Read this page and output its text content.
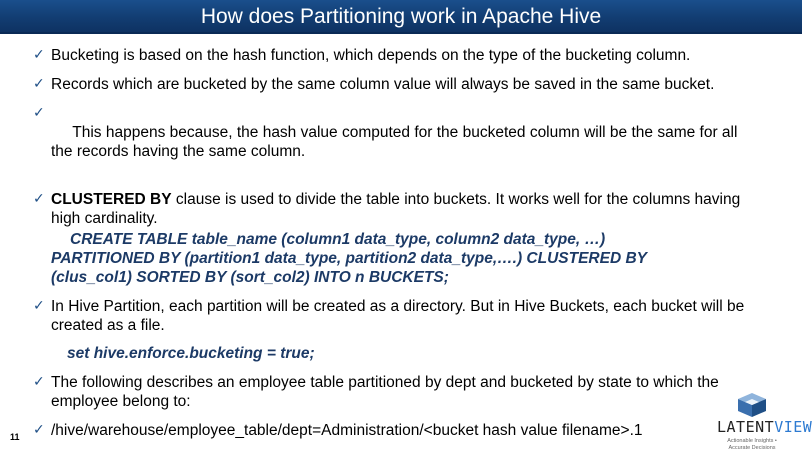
How does Partitioning work in Apache Hive
✓ Bucketing is based on the hash function, which depends on the type of the bucketing column.
✓ Records which are bucketed by the same column value will always be saved in the same bucket.

✓
This happens because, the hash value computed for the bucketed column will be the same for all the records having the same column.

✓ CLUSTERED BY clause is used to divide the table into buckets. It works well for the columns having high cardinality.
CREATE TABLE table_name (column1 data_type, column2 data_type, …)
PARTITIONED BY (partition1 data_type, partition2 data_type,….) CLUSTERED BY
(clus_col1) SORTED BY (sort_col2) INTO n BUCKETS;
✓ In Hive Partition, each partition will be created as a directory. But in Hive Buckets, each bucket will be created as a file.
set hive.enforce.bucketing = true;
✓ The following describes an employee table partitioned by dept and bucketed by state to which the employee belong to:
✓ /hive/warehouse/employee_table/dept=Administration/<bucket hash value filename>.1
11
LATENTVIEW
Actionable Insights • Accurate Decisions
